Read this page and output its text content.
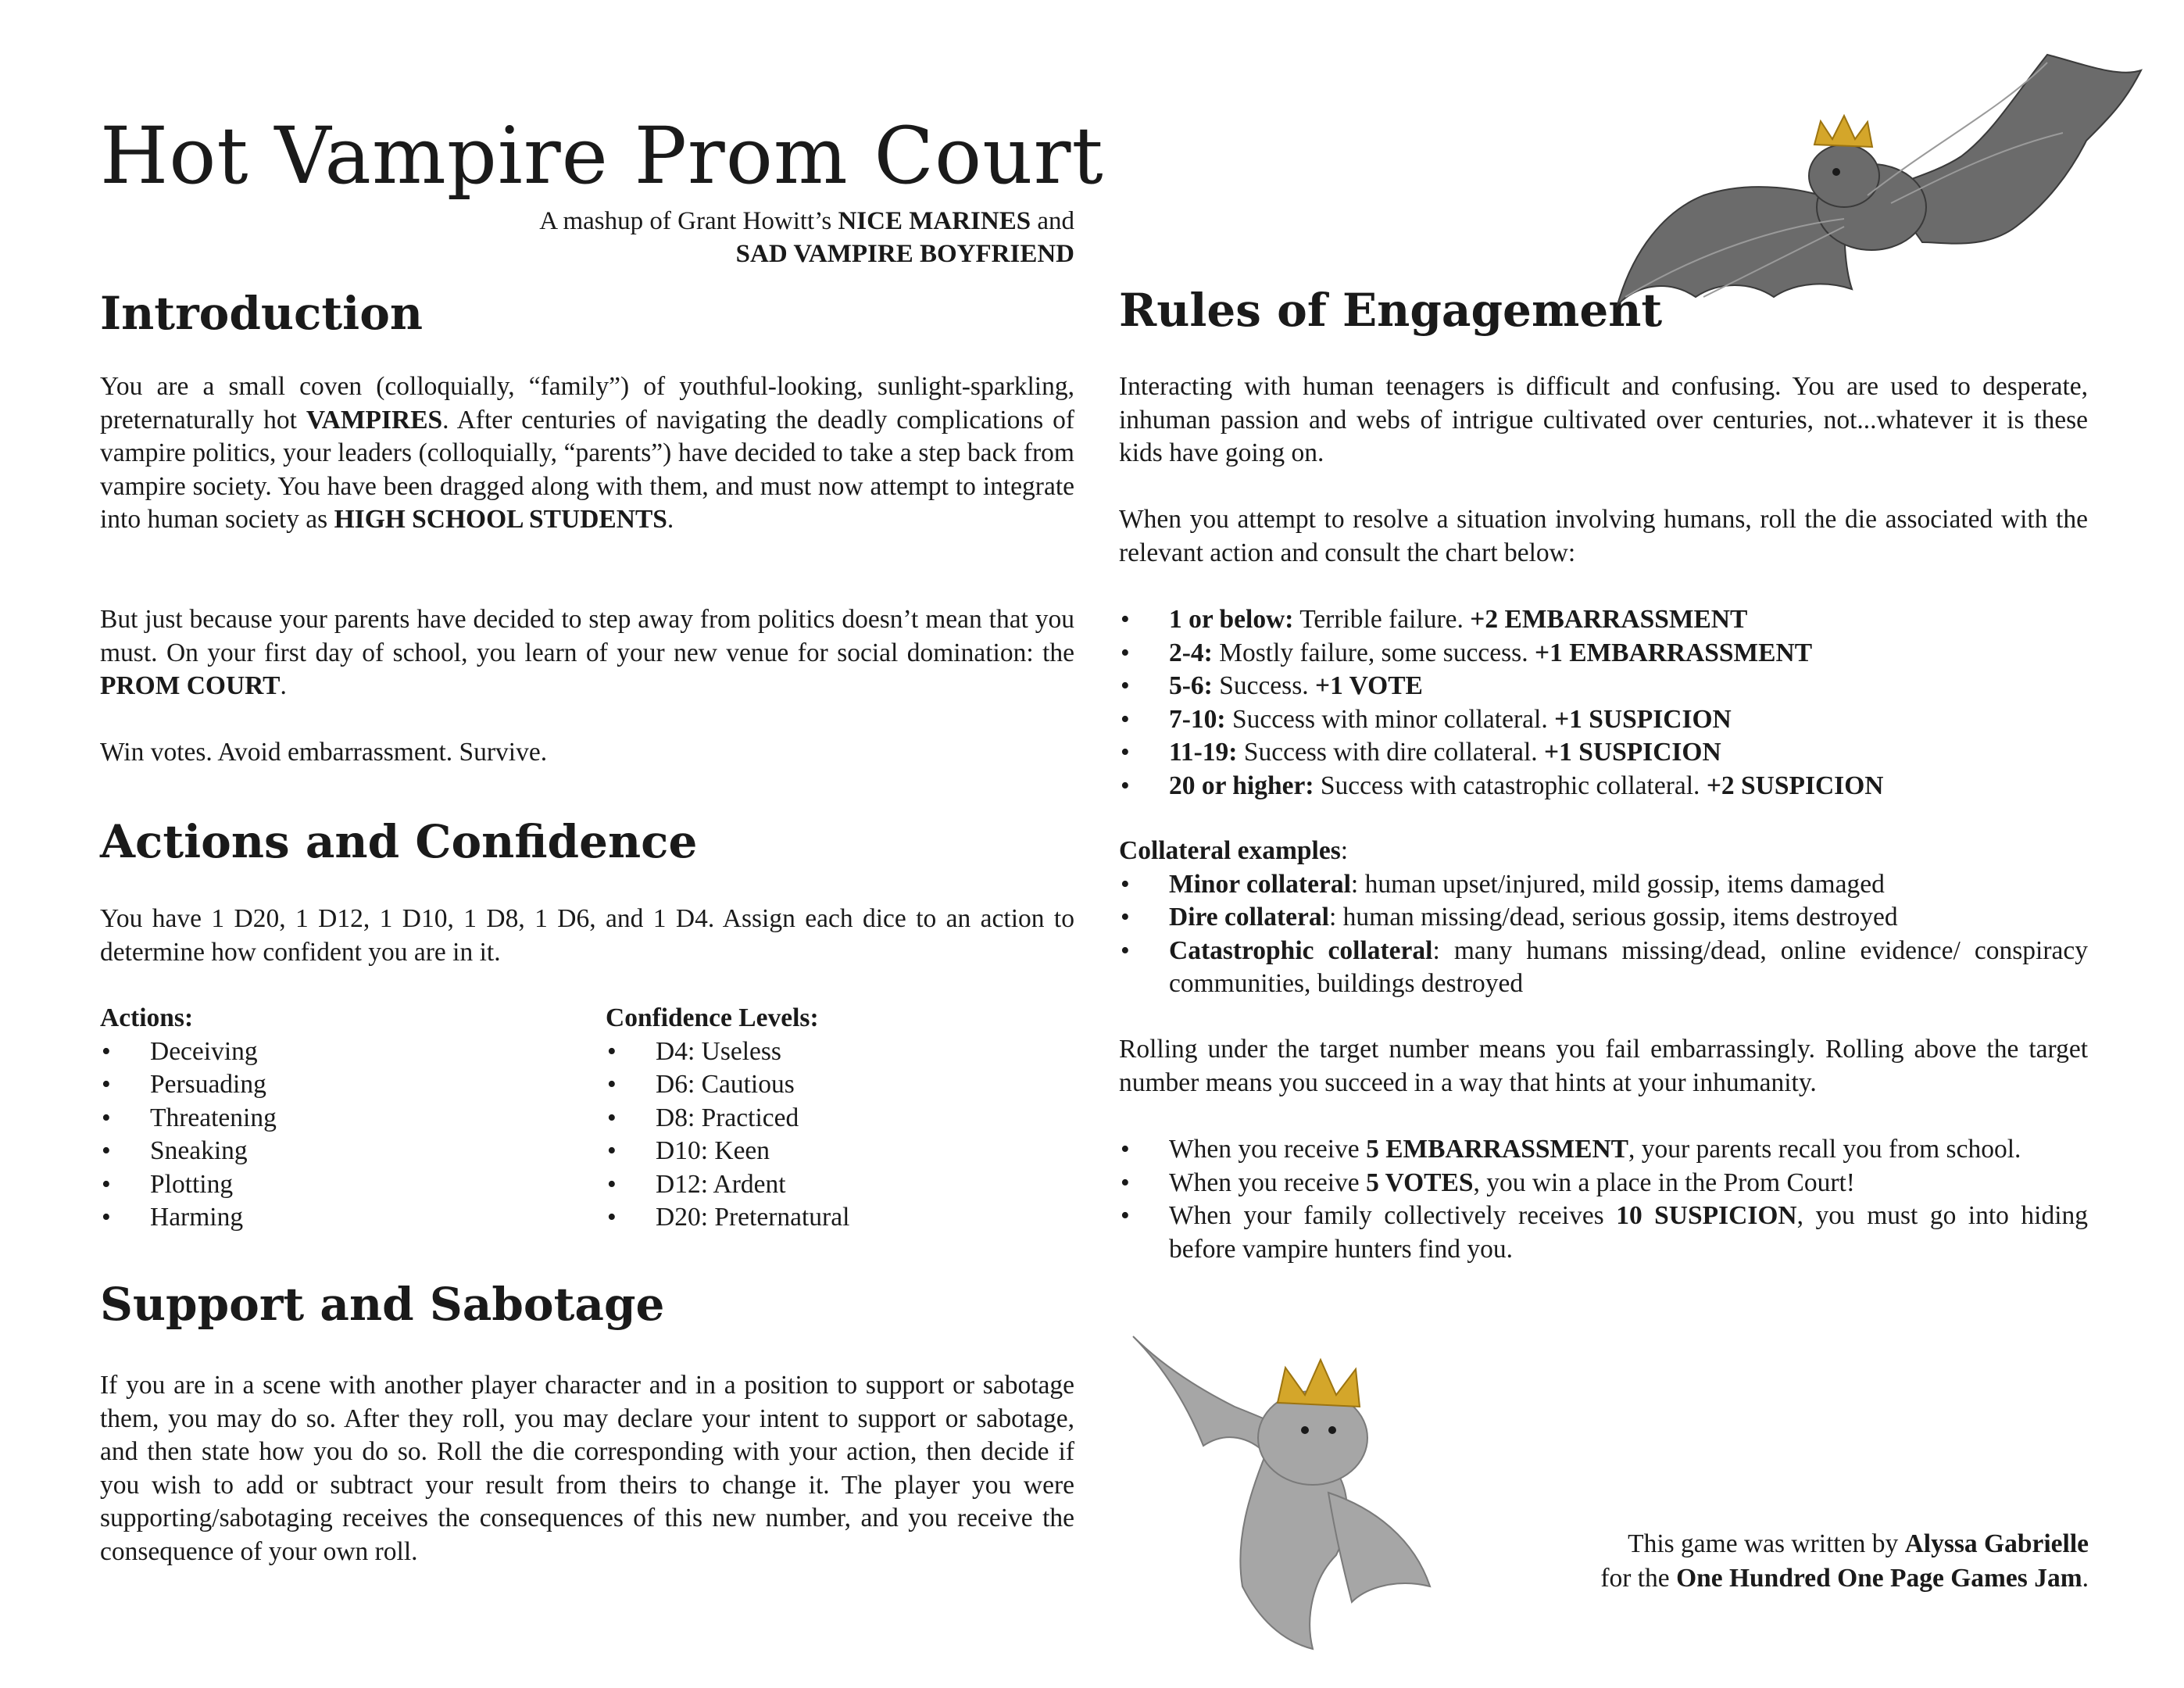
Hot Vampire Prom Court
A mashup of Grant Howitt’s NICE MARINES and
SAD VAMPIRE BOYFRIEND
Introduction

You are a small coven (colloquially, “family”) of youthful-looking, sunlight-sparkling, preternaturally hot VAMPIRES. After centuries of navigating the deadly complications of vampire politics, your leaders (colloquially, “parents”) have decided to take a step back from vampire society. You have been dragged along with them, and must now attempt to integrate into human society as HIGH SCHOOL STUDENTS.

But just because your parents have decided to step away from politics doesn’t mean that you must. On your first day of school, you learn of your new venue for social domination: the PROM COURT.

Win votes. Avoid embarrassment. Survive.

Actions and Confidence

You have 1 D20, 1 D12, 1 D10, 1 D8, 1 D6, and 1 D4. Assign each dice to an action to determine how confident you are in it.

Actions:
• Deceiving
• Persuading
• Threatening
• Sneaking
• Plotting
• Harming
Confidence Levels:
• D4: Useless
• D6: Cautious
• D8: Practiced
• D10: Keen
• D12: Ardent
• D20: Preternatural
Support and Sabotage

If you are in a scene with another player character and in a position to support or sabotage them, you may do so. After they roll, you may declare your intent to support or sabotage, and then state how you do so. Roll the die corresponding with your action, then decide if you wish to add or subtract your result from theirs to change it. The player you were supporting/sabotaging receives the consequences of this new number, and you receive the consequence of your own roll.

Rules of Engagement

Interacting with human teenagers is difficult and confusing. You are used to desperate, inhuman passion and webs of intrigue cultivated over centuries, not...whatever it is these kids have going on.

When you attempt to resolve a situation involving humans, roll the die associated with the relevant action and consult the chart below:

• 1 or below: Terrible failure. +2 EMBARRASSMENT
• 2-4: Mostly failure, some success. +1 EMBARRASSMENT
• 5-6: Success. +1 VOTE
• 7-10: Success with minor collateral. +1 SUSPICION
• 11-19: Success with dire collateral. +1 SUSPICION
• 20 or higher: Success with catastrophic collateral. +2 SUSPICION
Collateral examples:
• Minor collateral: human upset/injured, mild gossip, items damaged
• Dire collateral: human missing/dead, serious gossip, items destroyed
• Catastrophic collateral: many humans missing/dead, online evidence/ conspiracy communities, buildings destroyed

Rolling under the target number means you fail embarrassingly. Rolling above the target number means you succeed in a way that hints at your inhumanity.

• When you receive 5 EMBARRASSMENT, your parents recall you from school.
• When you receive 5 VOTES, you win a place in the Prom Court!
• When your family collectively receives 10 SUSPICION, you must go into hiding before vampire hunters find you.
This game was written by Alyssa Gabrielle
for the One Hundred One Page Games Jam.
